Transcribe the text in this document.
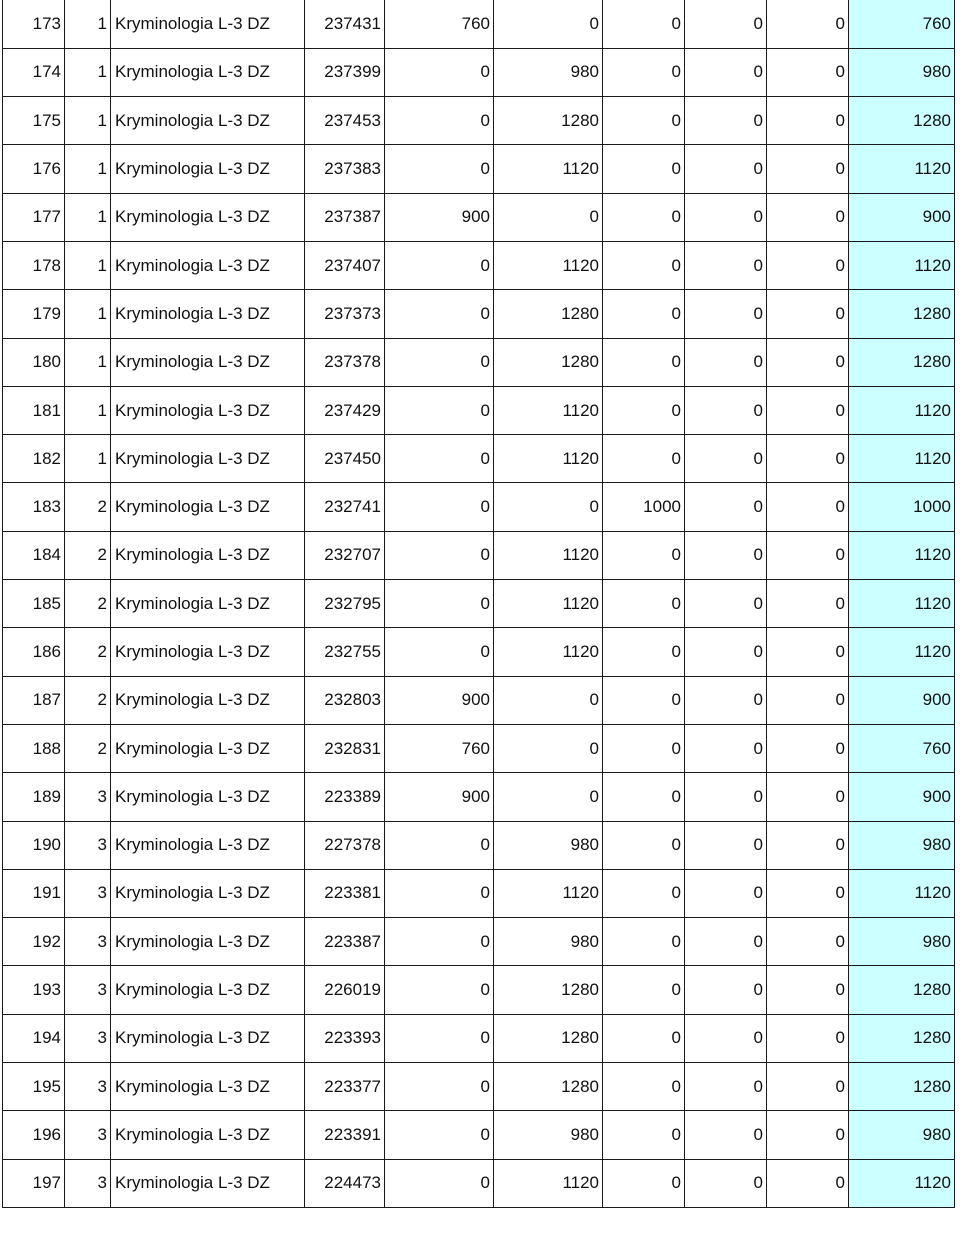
173	1	Kryminologia L-3 DZ	237431	760	0	0	0	0	760
174	1	Kryminologia L-3 DZ	237399	0	980	0	0	0	980
175	1	Kryminologia L-3 DZ	237453	0	1280	0	0	0	1280
176	1	Kryminologia L-3 DZ	237383	0	1120	0	0	0	1120
177	1	Kryminologia L-3 DZ	237387	900	0	0	0	0	900
178	1	Kryminologia L-3 DZ	237407	0	1120	0	0	0	1120
179	1	Kryminologia L-3 DZ	237373	0	1280	0	0	0	1280
180	1	Kryminologia L-3 DZ	237378	0	1280	0	0	0	1280
181	1	Kryminologia L-3 DZ	237429	0	1120	0	0	0	1120
182	1	Kryminologia L-3 DZ	237450	0	1120	0	0	0	1120
183	2	Kryminologia L-3 DZ	232741	0	0	1000	0	0	1000
184	2	Kryminologia L-3 DZ	232707	0	1120	0	0	0	1120
185	2	Kryminologia L-3 DZ	232795	0	1120	0	0	0	1120
186	2	Kryminologia L-3 DZ	232755	0	1120	0	0	0	1120
187	2	Kryminologia L-3 DZ	232803	900	0	0	0	0	900
188	2	Kryminologia L-3 DZ	232831	760	0	0	0	0	760
189	3	Kryminologia L-3 DZ	223389	900	0	0	0	0	900
190	3	Kryminologia L-3 DZ	227378	0	980	0	0	0	980
191	3	Kryminologia L-3 DZ	223381	0	1120	0	0	0	1120
192	3	Kryminologia L-3 DZ	223387	0	980	0	0	0	980
193	3	Kryminologia L-3 DZ	226019	0	1280	0	0	0	1280
194	3	Kryminologia L-3 DZ	223393	0	1280	0	0	0	1280
195	3	Kryminologia L-3 DZ	223377	0	1280	0	0	0	1280
196	3	Kryminologia L-3 DZ	223391	0	980	0	0	0	980
197	3	Kryminologia L-3 DZ	224473	0	1120	0	0	0	1120
